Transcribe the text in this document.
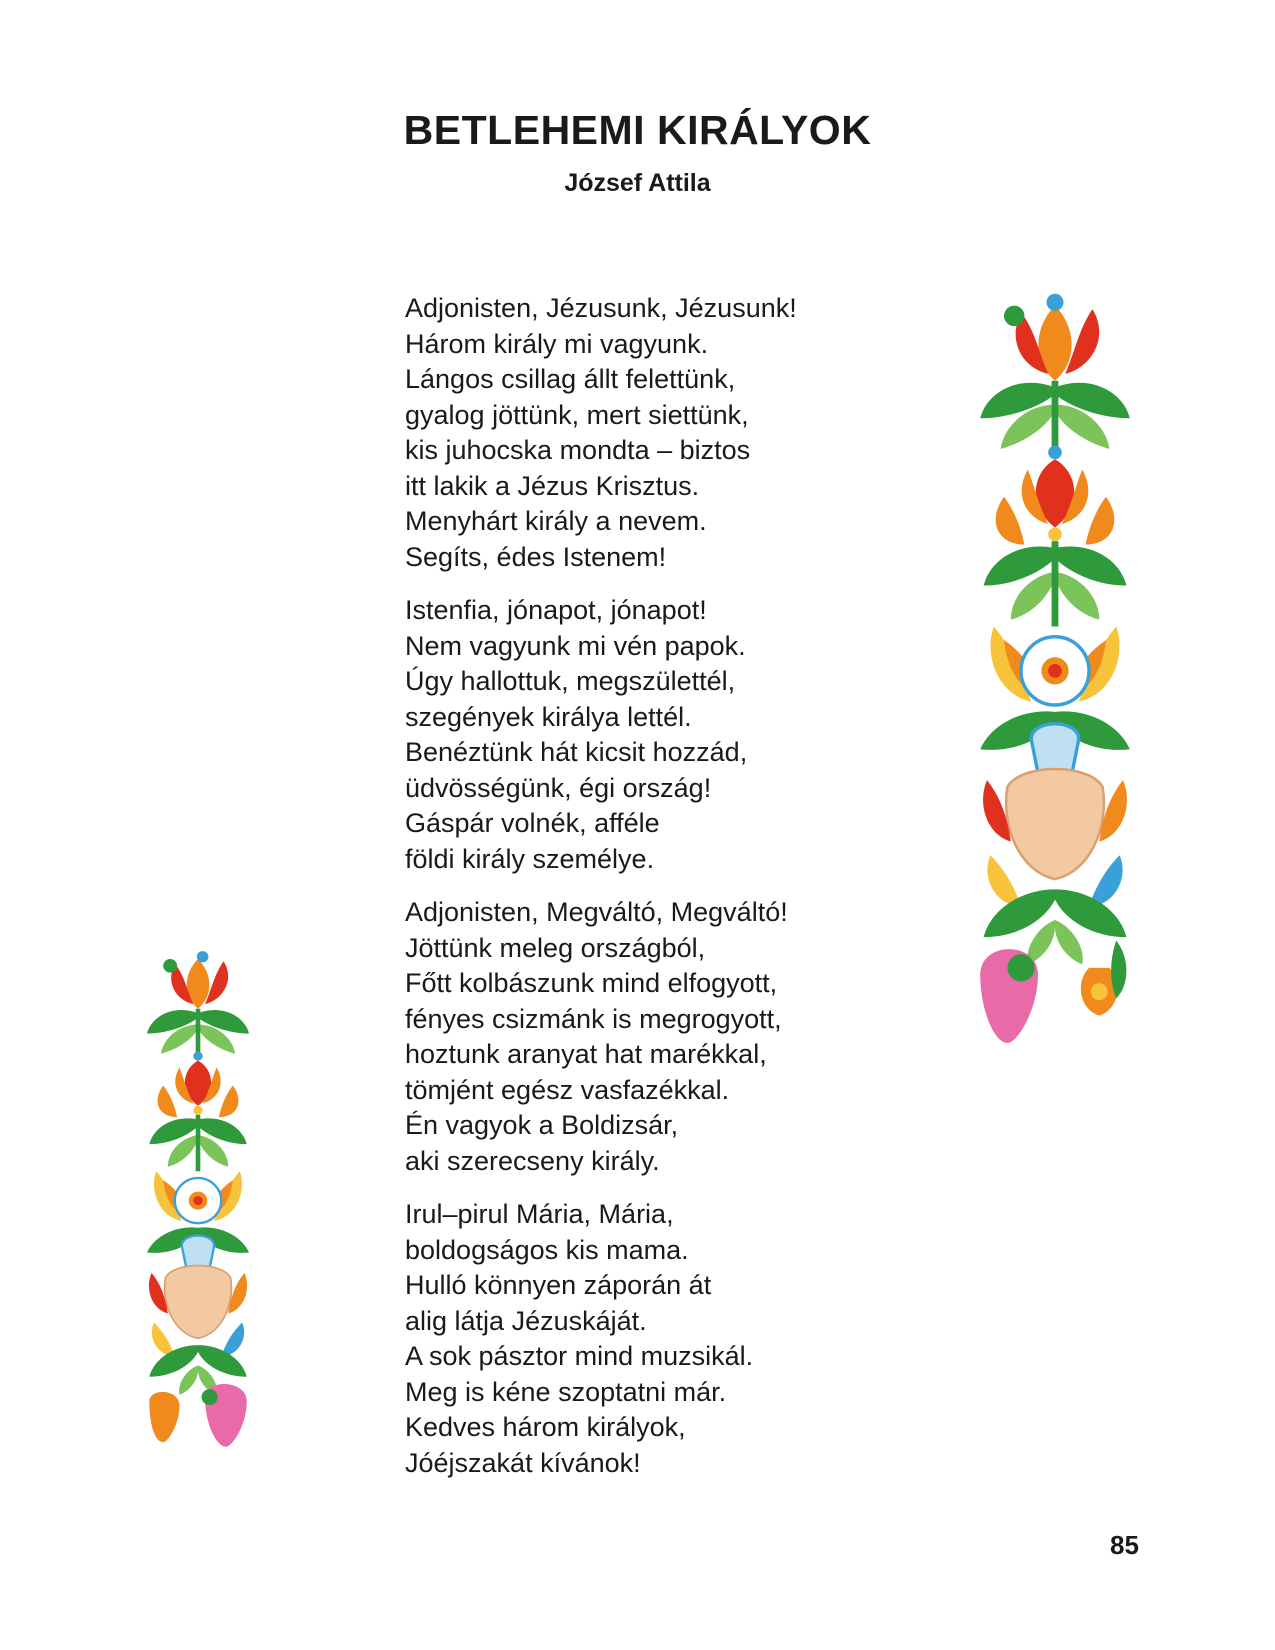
BETLEHEMI KIRÁLYOK
József Attila
Adjonisten, Jézusunk, Jézusunk!
Három király mi vagyunk.
Lángos csillag állt felettünk,
gyalog jöttünk, mert siettünk,
kis juhocska mondta – biztos
itt lakik a Jézus Krisztus.
Menyhárt király a nevem.
Segíts, édes Istenem!
Istenfia, jónapot, jónapot!
Nem vagyunk mi vén papok.
Úgy hallottuk, megszülettél,
szegények királya lettél.
Benéztünk hát kicsit hozzád,
üdvösségünk, égi ország!
Gáspár volnék, afféle
földi király személye.
Adjonisten, Megváltó, Megváltó!
Jöttünk meleg országból,
Főtt kolbászunk mind elfogyott,
fényes csizmánk is megrogyott,
hoztunk aranyat hat marékkal,
tömjént egész vasfazékkal.
Én vagyok a Boldizsár,
aki szerecseny király.
Irul–pirul Mária, Mária,
boldogságos kis mama.
Hulló könnyen záporán át
alig látja Jézuskáját.
A sok pásztor mind muzsikál.
Meg is kéne szoptatni már.
Kedves három királyok,
Jóéjszakát kívánok!
85
